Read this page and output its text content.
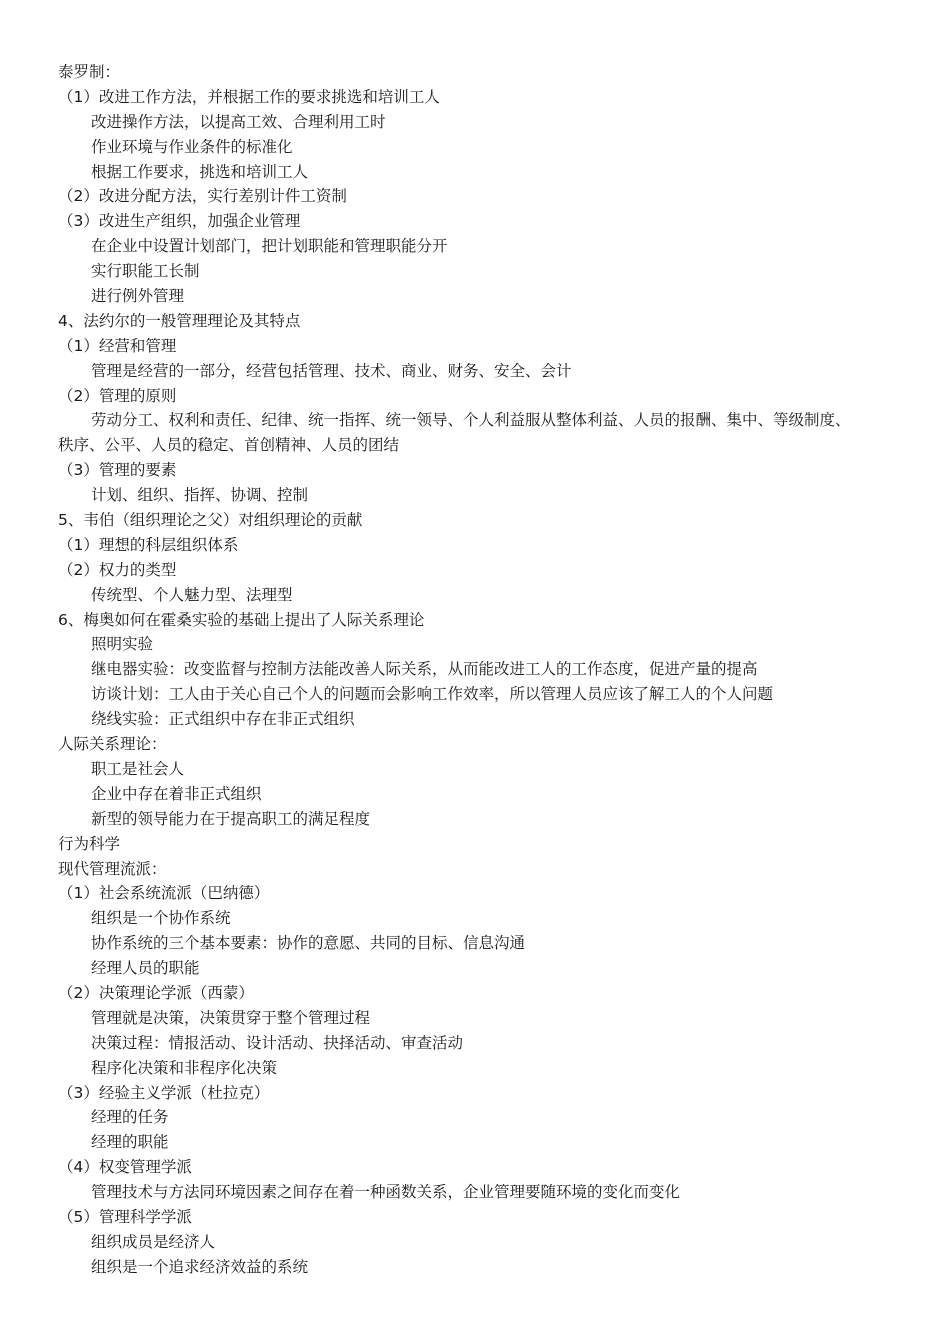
泰罗制：
（1）改进工作方法，并根据工作的要求挑选和培训工人
改进操作方法，以提高工效、合理利用工时
作业环境与作业条件的标准化
根据工作要求，挑选和培训工人
（2）改进分配方法，实行差别计件工资制
（3）改进生产组织，加强企业管理
在企业中设置计划部门，把计划职能和管理职能分开
实行职能工长制
进行例外管理
4、法约尔的一般管理理论及其特点
（1）经营和管理
管理是经营的一部分，经营包括管理、技术、商业、财务、安全、会计
（2）管理的原则
劳动分工、权利和责任、纪律、统一指挥、统一领导、个人利益服从整体利益、人员的报酬、集中、等级制度、
秩序、公平、人员的稳定、首创精神、人员的团结
（3）管理的要素
计划、组织、指挥、协调、控制
5、韦伯（组织理论之父）对组织理论的贡献
（1）理想的科层组织体系
（2）权力的类型
传统型、个人魅力型、法理型
6、梅奥如何在霍桑实验的基础上提出了人际关系理论
照明实验
继电器实验：改变监督与控制方法能改善人际关系，从而能改进工人的工作态度，促进产量的提高
访谈计划：工人由于关心自己个人的问题而会影响工作效率，所以管理人员应该了解工人的个人问题
绕线实验：正式组织中存在非正式组织
人际关系理论：
职工是社会人
企业中存在着非正式组织
新型的领导能力在于提高职工的满足程度
行为科学
现代管理流派：
（1）社会系统流派（巴纳德）
组织是一个协作系统
协作系统的三个基本要素：协作的意愿、共同的目标、信息沟通
经理人员的职能
（2）决策理论学派（西蒙）
管理就是决策，决策贯穿于整个管理过程
决策过程：情报活动、设计活动、抉择活动、审查活动
程序化决策和非程序化决策
（3）经验主义学派（杜拉克）
经理的任务
经理的职能
（4）权变管理学派
管理技术与方法同环境因素之间存在着一种函数关系，企业管理要随环境的变化而变化
（5）管理科学学派
组织成员是经济人
组织是一个追求经济效益的系统
